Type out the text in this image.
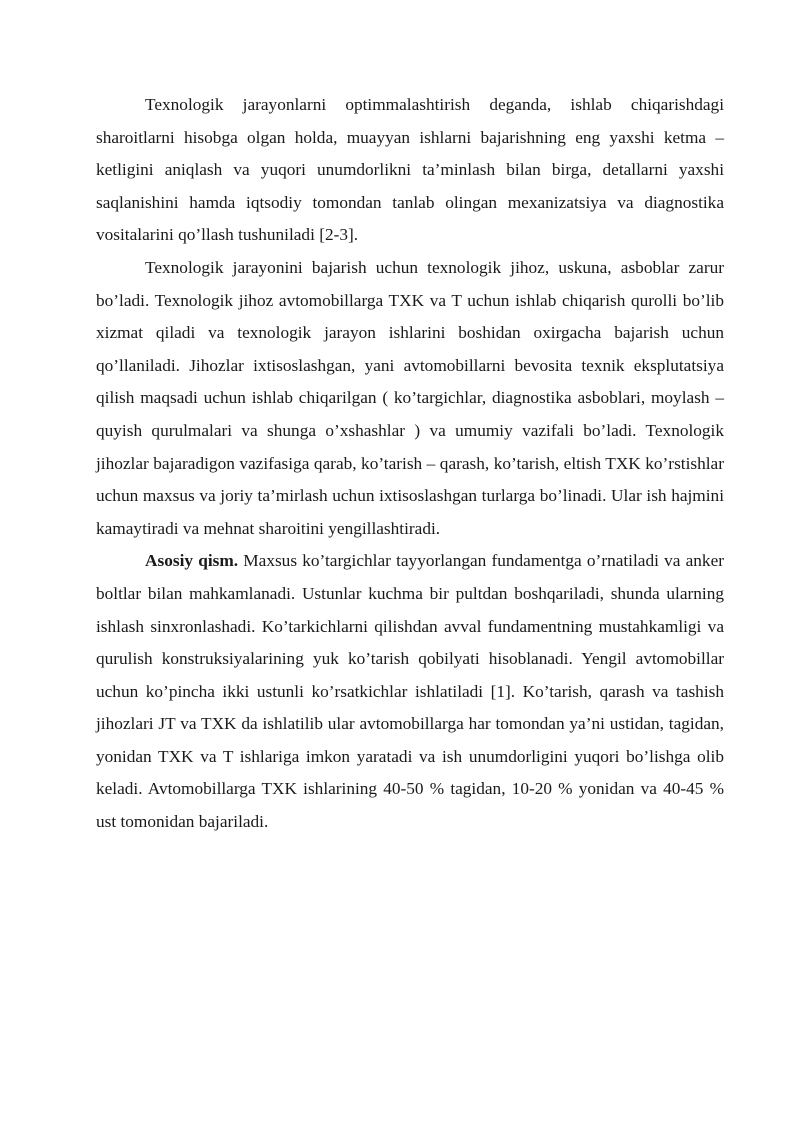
Texnologik jarayonlarni optimmalashtirish deganda, ishlab chiqarishdagi sharoitlarni hisobga olgan holda, muayyan ishlarni bajarishning eng yaxshi ketma – ketligini aniqlash va yuqori unumdorlikni ta’minlash bilan birga, detallarni yaxshi saqlanishini hamda iqtsodiy tomondan tanlab olingan mexanizatsiya va diagnostika vositalarini qo’llash tushuniladi [2-3].

Texnologik jarayonini bajarish uchun texnologik jihoz, uskuna, asboblar zarur bo’ladi. Texnologik jihoz avtomobillarga TXK va T uchun ishlab chiqarish qurolli bo’lib xizmat qiladi va texnologik jarayon ishlarini boshidan oxirgacha bajarish uchun qo’llaniladi. Jihozlar ixtisoslashgan, yani avtomobillarni bevosita texnik eksplutatsiya qilish maqsadi uchun ishlab chiqarilgan ( ko’targichlar, diagnostika asboblari, moylash – quyish qurulmalari va shunga o’xshashlar ) va umumiy vazifali bo’ladi. Texnologik jihozlar bajaradigon vazifasiga qarab, ko’tarish – qarash, ko’tarish, eltish TXK ko’rstishlar uchun maxsus va joriy ta’mirlash uchun ixtisoslashgan turlarga bo’linadi. Ular ish hajmini kamaytiradi va mehnat sharoitini yengillashtiradi.

Asosiy qism. Maxsus ko’targichlar tayyorlangan fundamentga o’rnatiladi va anker boltlar bilan mahkamlanadi. Ustunlar kuchma bir pultdan boshqariladi, shunda ularning ishlash sinxronlashadi. Ko’tarkichlarni qilishdan avval fundamentning mustahkamligi va qurulish konstruksiyalarining yuk ko’tarish qobilyati hisoblanadi. Yengil avtomobillar uchun ko’pincha ikki ustunli ko’rsatkichlar ishlatiladi [1]. Ko’tarish, qarash va tashish jihozlari JT va TXK da ishlatilib ular avtomobillarga har tomondan ya’ni ustidan, tagidan, yonidan TXK va T ishlariga imkon yaratadi va ish unumdorligini yuqori bo’lishga olib keladi. Avtomobillarga TXK ishlarining 40-50 % tagidan, 10-20 % yonidan va 40-45 % ust tomonidan bajariladi.
